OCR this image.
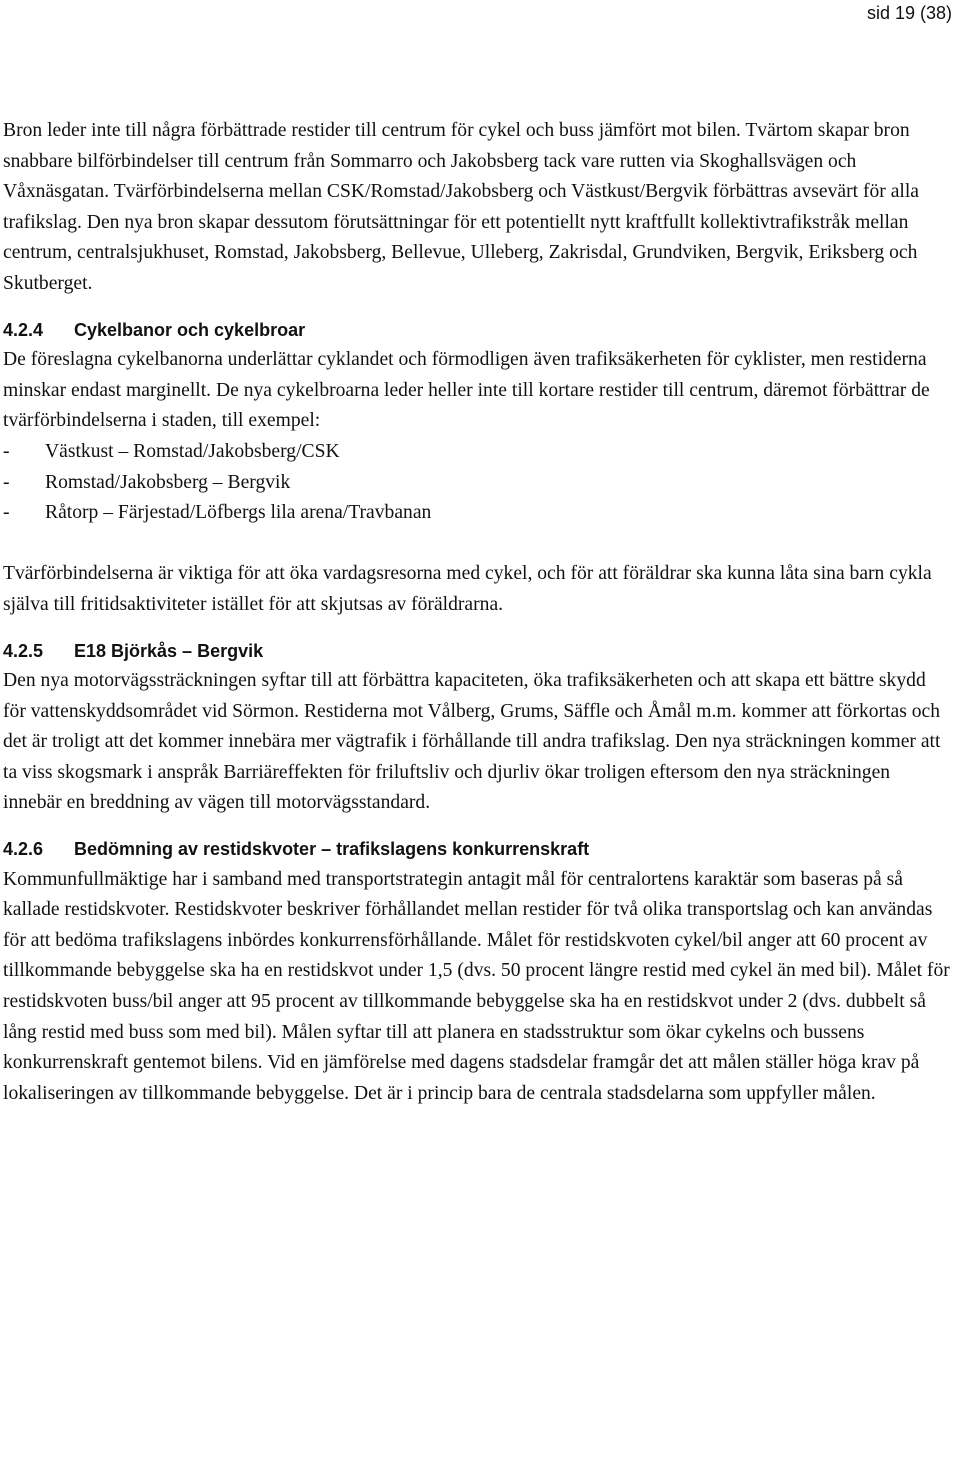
sid 19 (38)

Bron leder inte till några förbättrade restider till centrum för cykel och buss jämfört mot bilen. Tvärtom skapar bron snabbare bilförbindelser till centrum från Sommarro och Jakobsberg tack vare rutten via Skoghallsvägen och Våxnäsgatan. Tvärförbindelserna mellan CSK/Romstad/Jakobsberg och Västkust/Bergvik förbättras avsevärt för alla trafikslag. Den nya bron skapar dessutom förutsättningar för ett potentiellt nytt kraftfullt kollektivtrafikstråk mellan centrum, centralsjukhuset, Romstad, Jakobsberg, Bellevue, Ulleberg, Zakrisdal, Grundviken, Bergvik, Eriksberg och Skutberget.

4.2.4	Cykelbanor och cykelbroar

De föreslagna cykelbanorna underlättar cyklandet och förmodligen även trafiksäkerheten för cyklister, men restiderna minskar endast marginellt. De nya cykelbroarna leder heller inte till kortare restider till centrum, däremot förbättrar de tvärförbindelserna i staden, till exempel:

-	Västkust – Romstad/Jakobsberg/CSK
-	Romstad/Jakobsberg – Bergvik
-	Råtorp – Färjestad/Löfbergs lila arena/Travbanan

Tvärförbindelserna är viktiga för att öka vardagsresorna med cykel, och för att föräldrar ska kunna låta sina barn cykla själva till fritidsaktiviteter istället för att skjutsas av föräldrarna.

4.2.5	E18 Björkås – Bergvik

Den nya motorvägssträckningen syftar till att förbättra kapaciteten, öka trafiksäkerheten och att skapa ett bättre skydd för vattenskyddsområdet vid Sörmon. Restiderna mot Vålberg, Grums, Säffle och Åmål m.m. kommer att förkortas och det är troligt att det kommer innebära mer vägtrafik i förhållande till andra trafikslag. Den nya sträckningen kommer att ta viss skogsmark i anspråk Barriäreffekten för friluftsliv och djurliv ökar troligen eftersom den nya sträckningen innebär en breddning av vägen till motorvägsstandard.

4.2.6	Bedömning av restidskvoter – trafikslagens konkurrenskraft

Kommunfullmäktige har i samband med transportstrategin antagit mål för centralortens karaktär som baseras på så kallade restidskvoter. Restidskvoter beskriver förhållandet mellan restider för två olika transportslag och kan användas för att bedöma trafikslagens inbördes konkurrensförhållande. Målet för restidskvoten cykel/bil anger att 60 procent av tillkommande bebyggelse ska ha en restidskvot under 1,5 (dvs. 50 procent längre restid med cykel än med bil). Målet för restidskvoten buss/bil anger att 95 procent av tillkommande bebyggelse ska ha en restidskvot under 2 (dvs. dubbelt så lång restid med buss som med bil). Målen syftar till att planera en stadsstruktur som ökar cykelns och bussens konkurrenskraft gentemot bilens. Vid en jämförelse med dagens stadsdelar framgår det att målen ställer höga krav på lokaliseringen av tillkommande bebyggelse. Det är i princip bara de centrala stadsdelarna som uppfyller målen.
